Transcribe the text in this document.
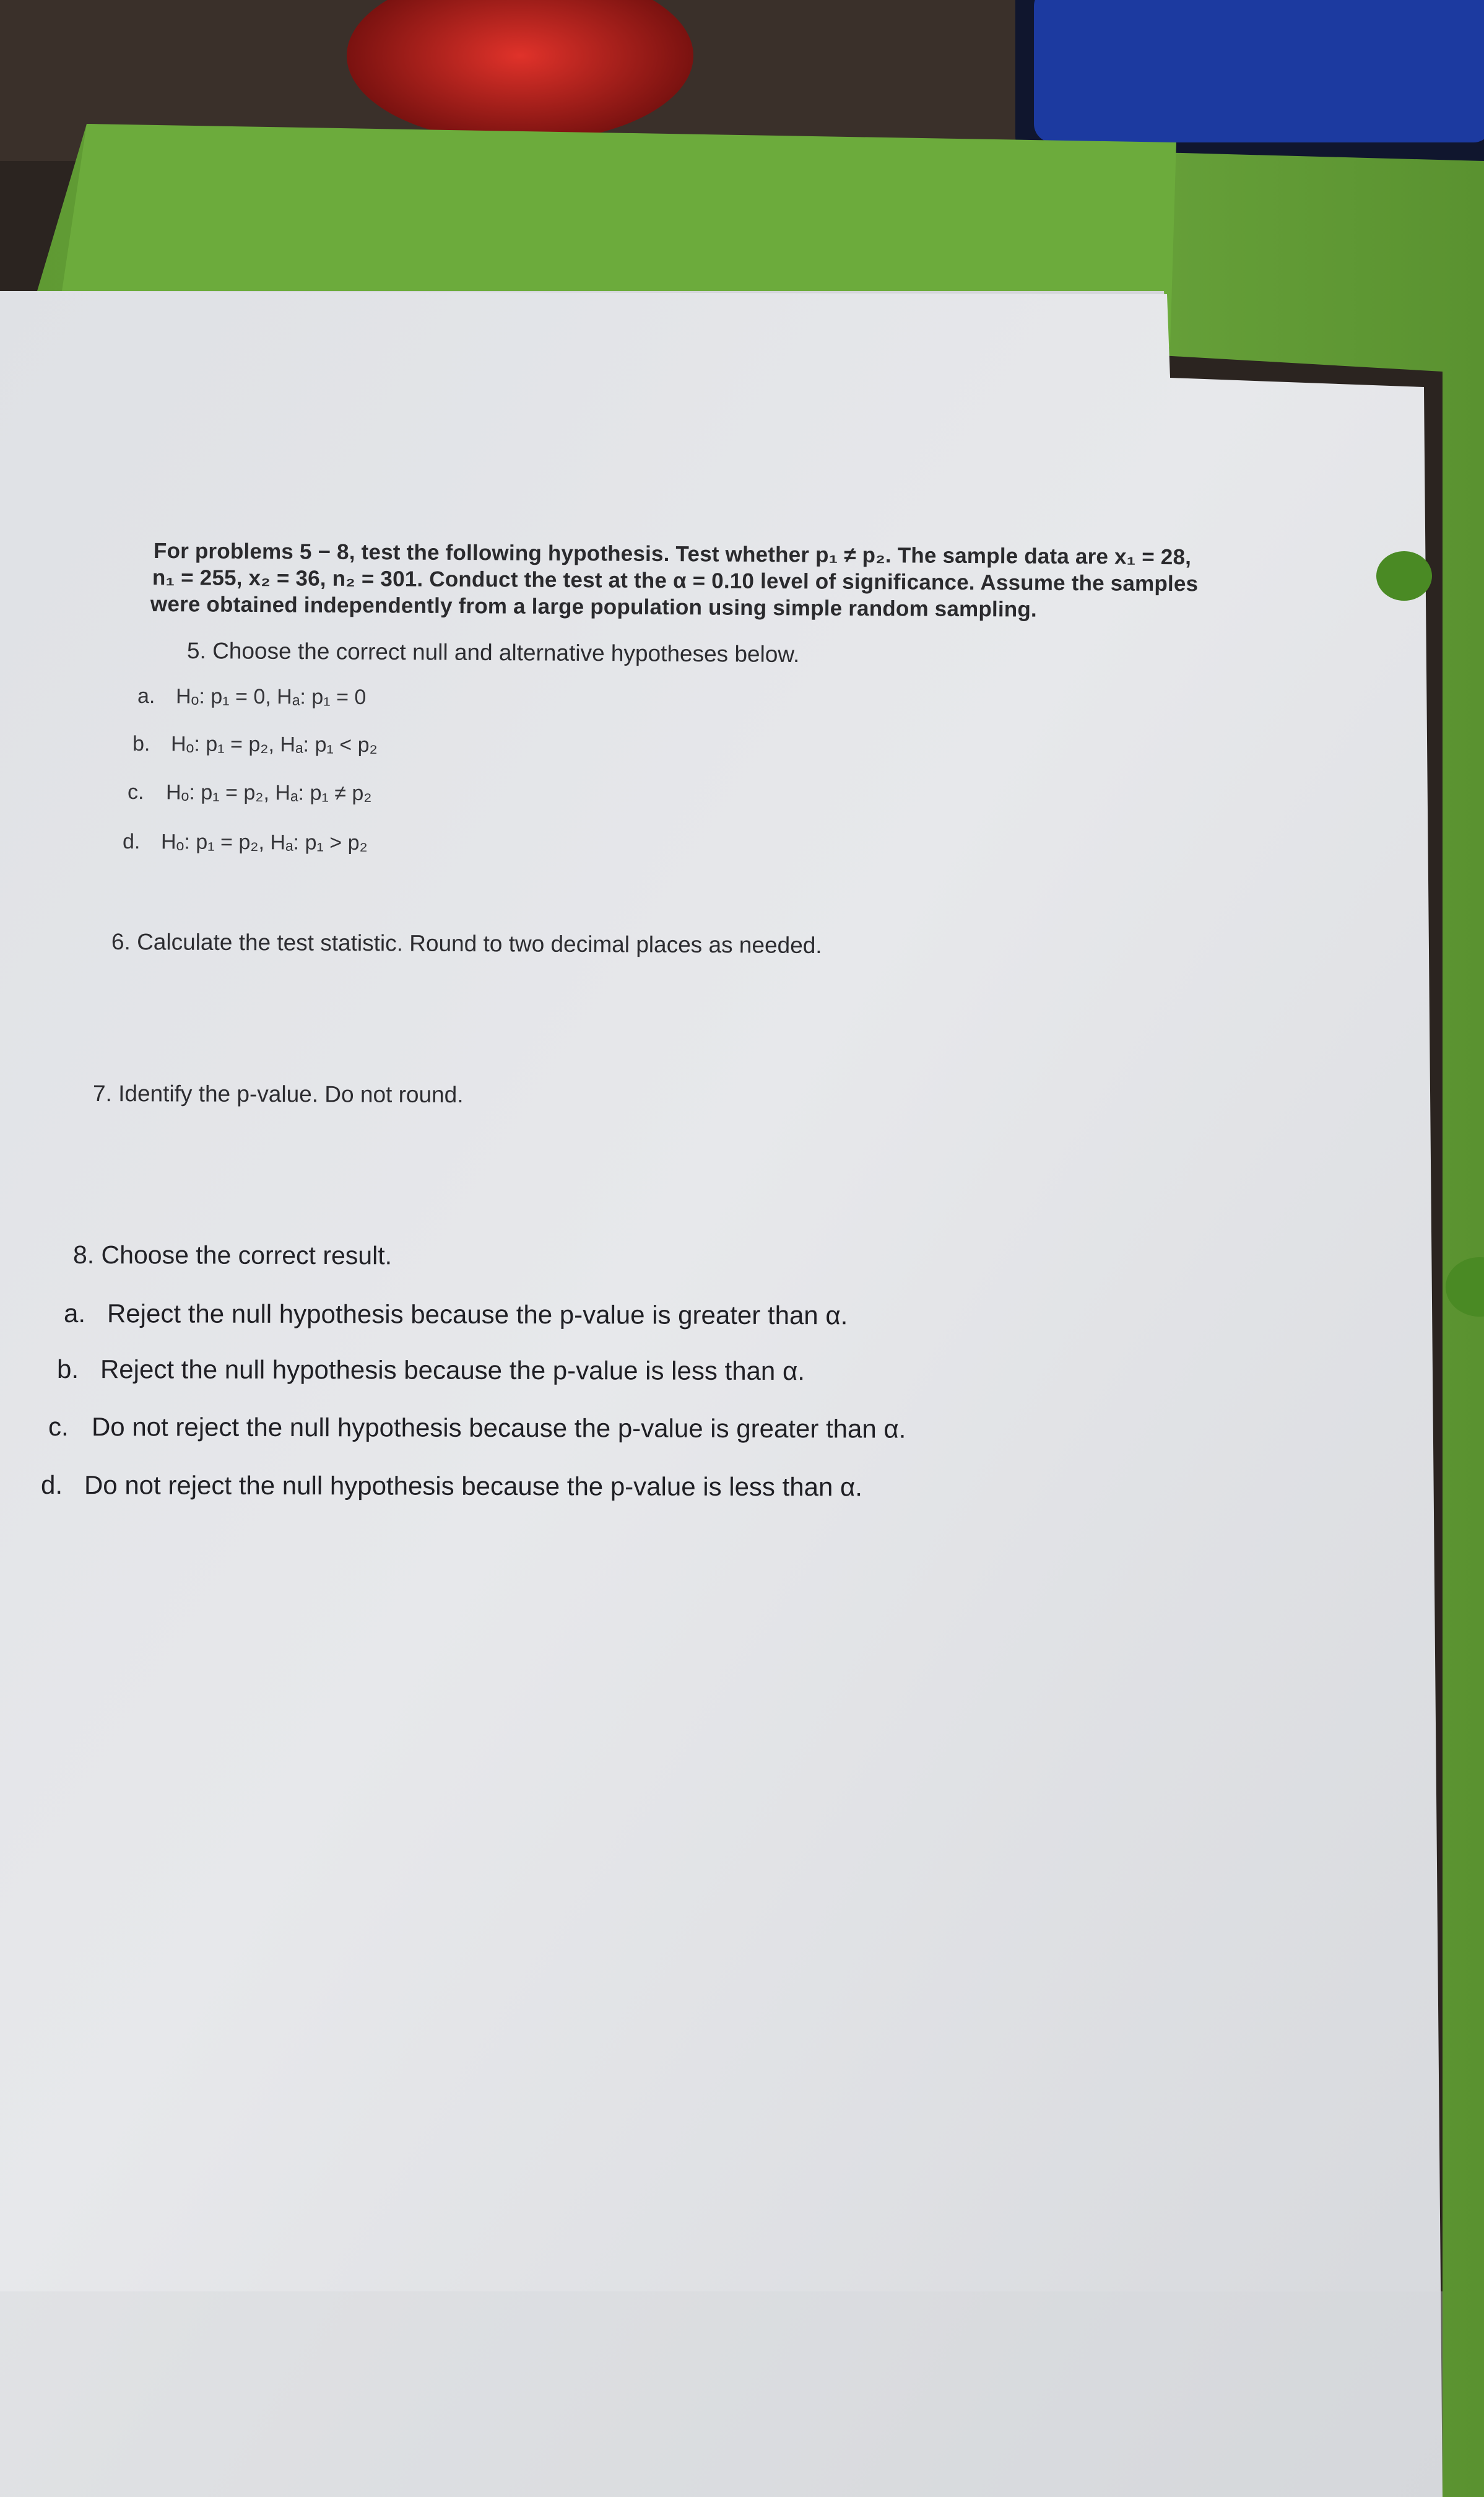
For problems 5 − 8, test the following hypothesis. Test whether p₁ ≠ p₂. The sample data are x₁ = 28,
n₁ = 255, x₂ = 36, n₂ = 301. Conduct the test at the α = 0.10 level of significance. Assume the samples
were obtained independently from a large population using simple random sampling.
5. Choose the correct null and alternative hypotheses below.
a. Hₒ: p₁ = 0, Hₐ: p₁ = 0
b. Hₒ: p₁ = p₂, Hₐ: p₁ < p₂
c. Hₒ: p₁ = p₂, Hₐ: p₁ ≠ p₂
d. Hₒ: p₁ = p₂, Hₐ: p₁ > p₂
6. Calculate the test statistic. Round to two decimal places as needed.
7. Identify the p-value. Do not round.
8. Choose the correct result.
a. Reject the null hypothesis because the p-value is greater than α.
b. Reject the null hypothesis because the p-value is less than α.
c. Do not reject the null hypothesis because the p-value is greater than α.
d. Do not reject the null hypothesis because the p-value is less than α.
